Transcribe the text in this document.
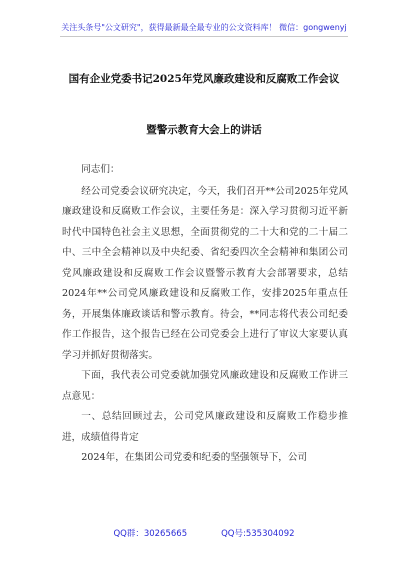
关注头条号"公文研究"，获得最新最全最专业的公文资料库！ 微信：gongwenyj
国有企业党委书记2025年党风廉政建设和反腐败工作会议
暨警示教育大会上的讲话

同志们：

经公司党委会议研究决定，今天，我们召开**公司2025年党风廉政建设和反腐败工作会议，主要任务是：深入学习贯彻习近平新时代中国特色社会主义思想，全面贯彻党的二十大和党的二十届二中、三中全会精神以及中央纪委、省纪委四次全会精神和集团公司党风廉政建设和反腐败工作会议暨警示教育大会部署要求，总结2024年**公司党风廉政建设和反腐败工作，安排2025年重点任务，开展集体廉政谈话和警示教育。待会，**同志将代表公司纪委作工作报告，这个报告已经在公司党委会上进行了审议大家要认真学习并抓好贯彻落实。

下面，我代表公司党委就加强党风廉政建设和反腐败工作讲三点意见：

一、总结回顾过去，公司党风廉政建设和反腐败工作稳步推进，成绩值得肯定

2024年，在集团公司党委和纪委的坚强领导下，公司

QQ群：30265665	QQ号:535304092
